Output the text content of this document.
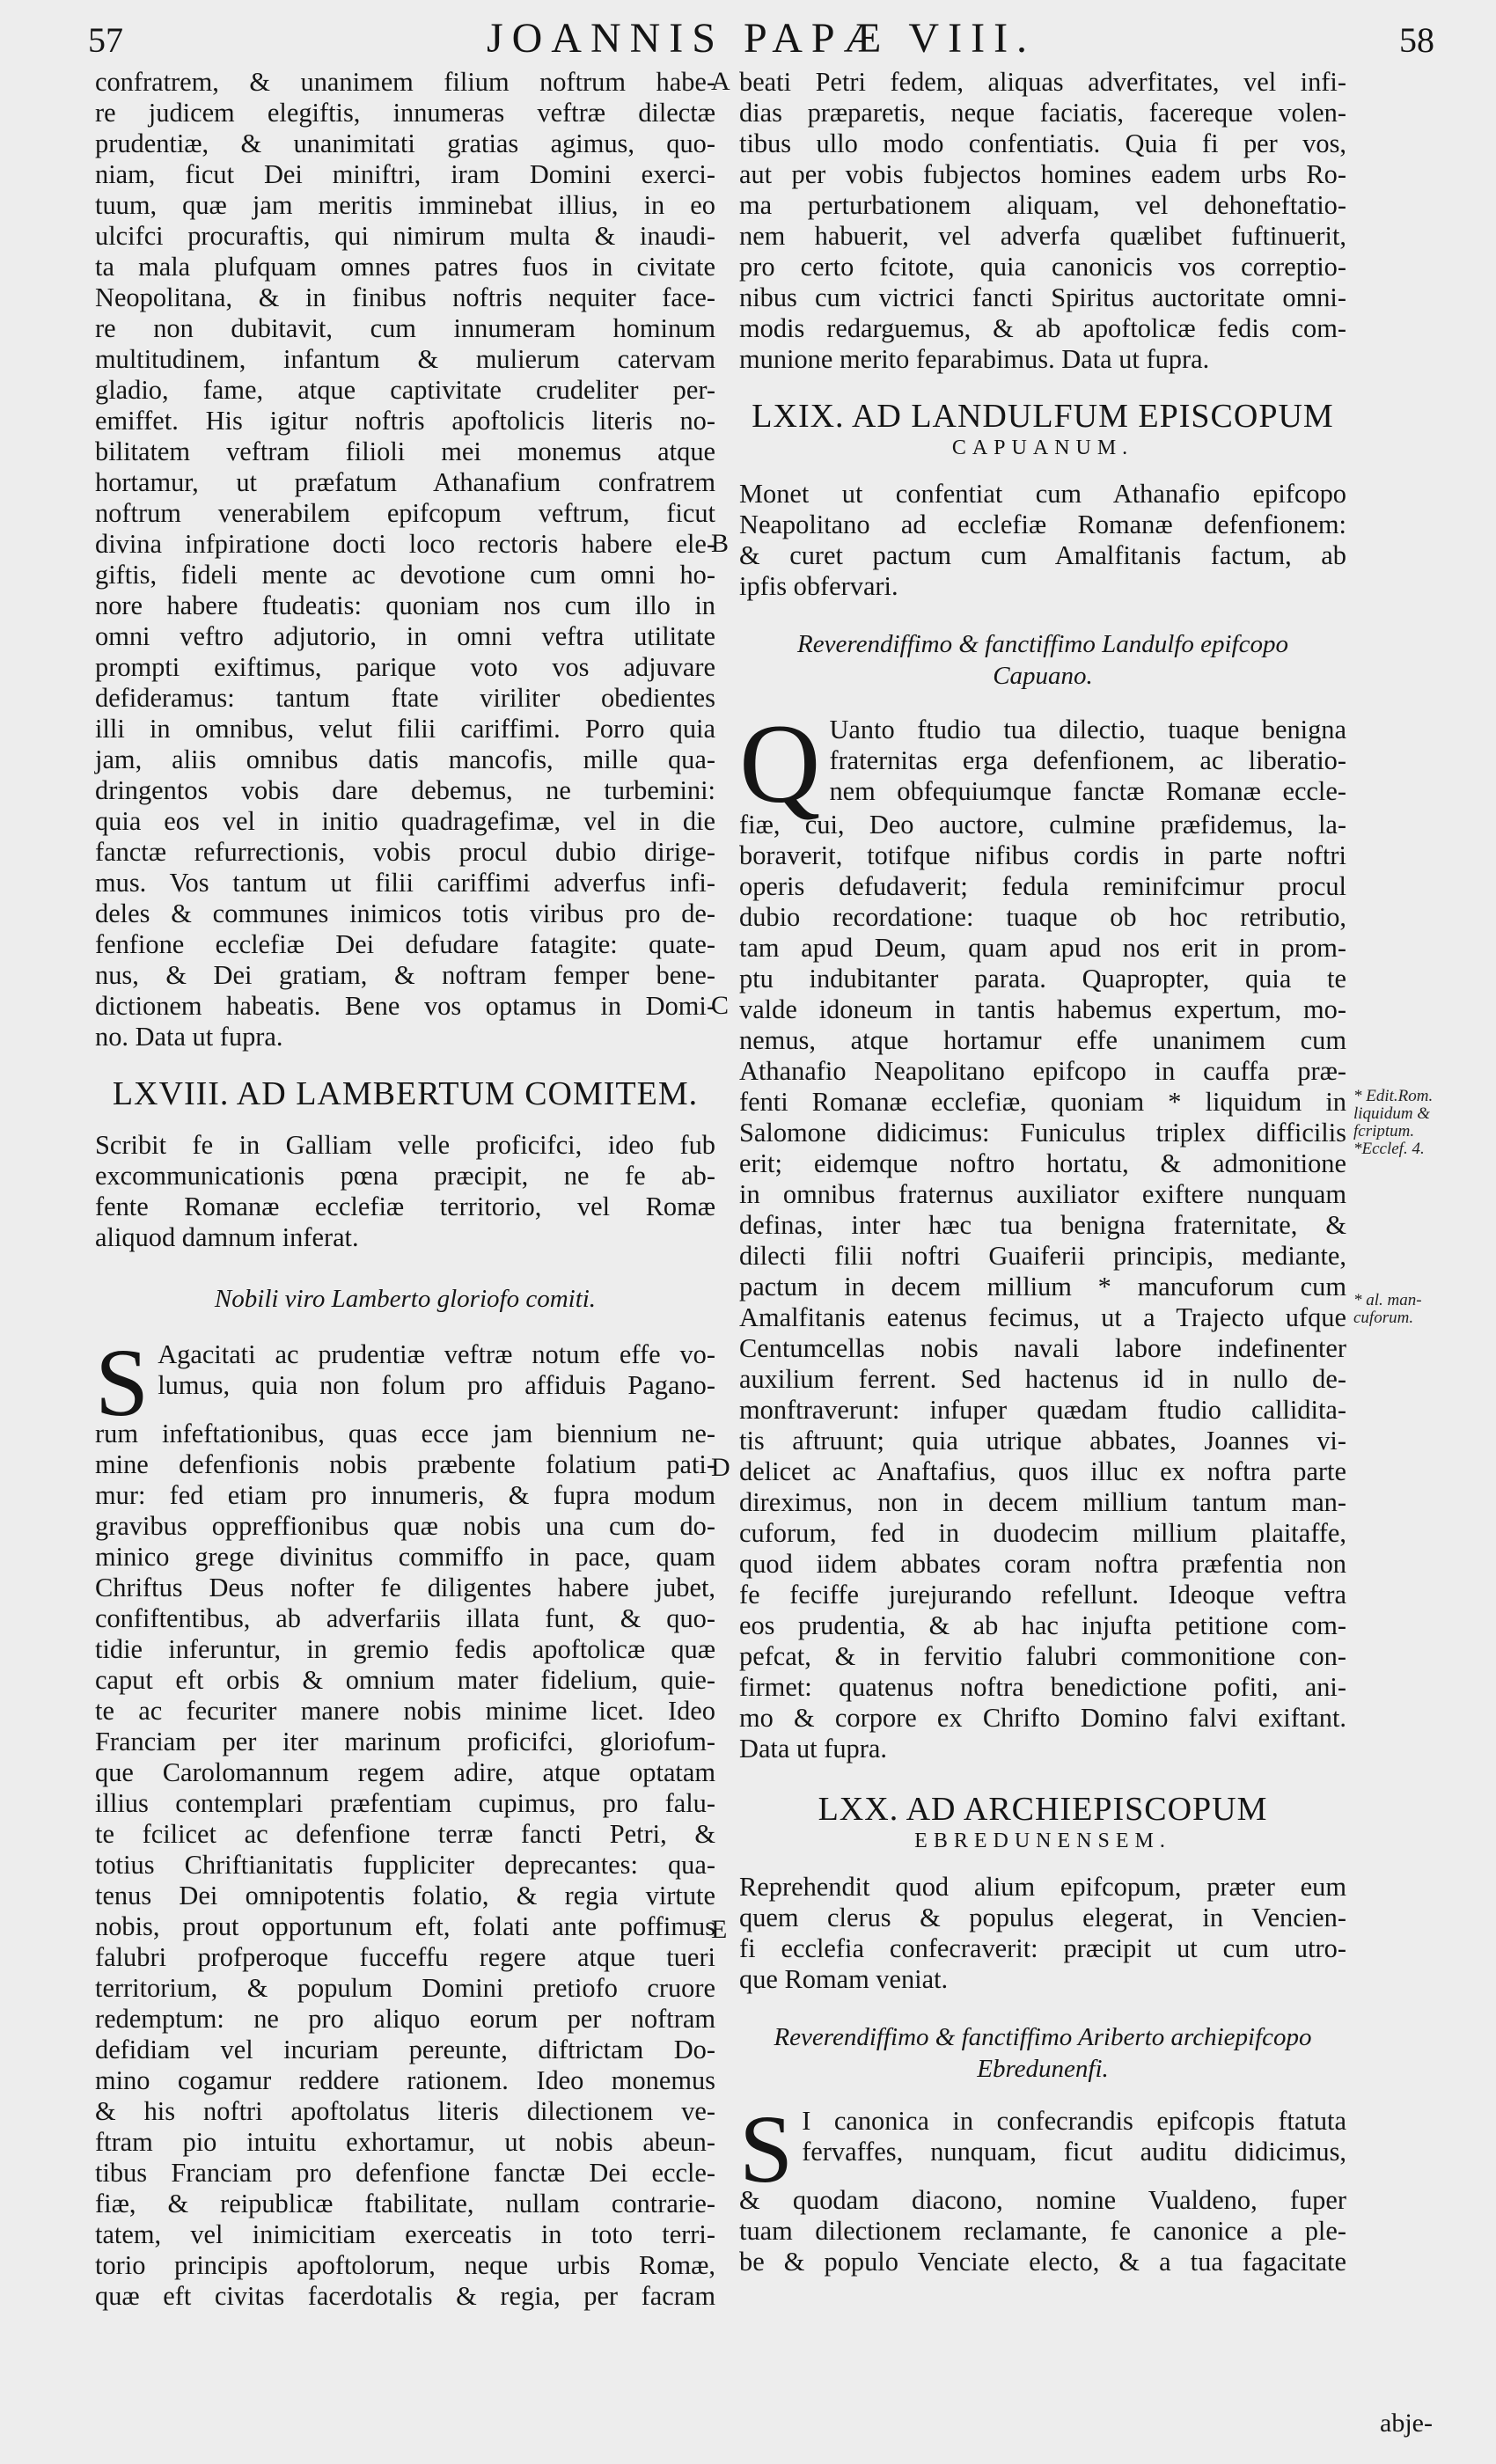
57	JOANNIS PAPÆ VIII.	58

confratrem, & unanimem filium noftrum habe-

re judicem elegiftis, innumeras veftræ dilectæ

prudentiæ, & unanimitati gratias agimus, quo-

niam, ficut Dei miniftri, iram Domini exerci-

tuum, quæ jam meritis imminebat illius, in eo

ulcifci procuraftis, qui nimirum multa & inaudi-

ta mala plufquam omnes patres fuos in civitate

Neopolitana, & in finibus noftris nequiter face-

re non dubitavit, cum innumeram hominum

multitudinem, infantum & mulierum catervam

gladio, fame, atque captivitate crudeliter per-

emiffet. His igitur noftris apoftolicis literis no-

bilitatem veftram filioli mei monemus atque

hortamur, ut præfatum Athanafium confratrem

noftrum venerabilem epifcopum veftrum, ficut

divina infpiratione docti loco rectoris habere ele-

giftis, fideli mente ac devotione cum omni ho-

nore habere ftudeatis: quoniam nos cum illo in

omni veftro adjutorio, in omni veftra utilitate

prompti exiftimus, parique voto vos adjuvare

defideramus: tantum ftate viriliter obedientes

illi in omnibus, velut filii cariffimi. Porro quia

jam, aliis omnibus datis mancofis, mille qua-

dringentos vobis dare debemus, ne turbemini:

quia eos vel in initio quadragefimæ, vel in die

fanctæ refurrectionis, vobis procul dubio dirige-

mus. Vos tantum ut filii cariffimi adverfus infi-

deles & communes inimicos totis viribus pro de-

fenfione ecclefiæ Dei defudare fatagite: quate-

nus, & Dei gratiam, & noftram femper bene-

dictionem habeatis. Bene vos optamus in Domi-

no. Data ut fupra.

LXVIII. AD LAMBERTUM COMITEM.

Scribit fe in Galliam velle proficifci, ideo fub

excommunicationis pœna præcipit, ne fe ab-

fente Romanæ ecclefiæ territorio, vel Romæ

aliquod damnum inferat.

Nobili viro Lamberto gloriofo comiti.
S Agacitati ac prudentiæ veftræ notum effe vo-

lumus, quia non folum pro affiduis Pagano-

rum infeftationibus, quas ecce jam biennium ne-

mine defenfionis nobis præbente folatium pati-

mur: fed etiam pro innumeris, & fupra modum

gravibus oppreffionibus quæ nobis una cum do-

minico grege divinitus commiffo in pace, quam

Chriftus Deus nofter fe diligentes habere jubet,

confiftentibus, ab adverfariis illata funt, & quo-

tidie inferuntur, in gremio fedis apoftolicæ quæ

caput eft orbis & omnium mater fidelium, quie-

te ac fecuriter manere nobis minime licet. Ideo

Franciam per iter marinum proficifci, gloriofum-

que Carolomannum regem adire, atque optatam

illius contemplari præfentiam cupimus, pro falu-

te fcilicet ac defenfione terræ fancti Petri, &

totius Chriftianitatis fuppliciter deprecantes: qua-

tenus Dei omnipotentis folatio, & regia virtute

nobis, prout opportunum eft, folati ante poffimus

falubri profperoque fucceffu regere atque tueri

territorium, & populum Domini pretiofo cruore

redemptum: ne pro aliquo eorum per noftram

defidiam vel incuriam pereunte, diftrictam Do-

mino cogamur reddere rationem. Ideo monemus

& his noftri apoftolatus literis dilectionem ve-

ftram pio intuitu exhortamur, ut nobis abeun-

tibus Franciam pro defenfione fanctæ Dei eccle-

fiæ, & reipublicæ ftabilitate, nullam contrarie-

tatem, vel inimicitiam exerceatis in toto terri-

torio principis apoftolorum, neque urbis Romæ,

quæ eft civitas facerdotalis & regia, per facram

beati Petri fedem, aliquas adverfitates, vel infi-

dias præparetis, neque faciatis, facereque volen-

tibus ullo modo confentiatis. Quia fi per vos,

aut per vobis fubjectos homines eadem urbs Ro-

ma perturbationem aliquam, vel dehoneftatio-

nem habuerit, vel adverfa quælibet fuftinuerit,

pro certo fcitote, quia canonicis vos correptio-

nibus cum victrici fancti Spiritus auctoritate omni-

modis redarguemus, & ab apoftolicæ fedis com-

munione merito feparabimus. Data ut fupra.

LXIX. AD LANDULFUM EPISCOPUM
CAPUANUM.

Monet ut confentiat cum Athanafio epifcopo

Neapolitano ad ecclefiæ Romanæ defenfionem:

& curet pactum cum Amalfitanis factum, ab

ipfis obfervari.

Reverendiffimo & fanctiffimo Landulfo epifcopo

Capuano.

Q Uanto ftudio tua dilectio, tuaque benigna

fraternitas erga defenfionem, ac liberatio-

nem obfequiumque fanctæ Romanæ eccle-

fiæ, cui, Deo auctore, culmine præfidemus, la-

boraverit, totifque nifibus cordis in parte noftri

operis defudaverit; fedula reminifcimur procul

dubio recordatione: tuaque ob hoc retributio,

tam apud Deum, quam apud nos erit in prom-

ptu indubitanter parata. Quapropter, quia te

valde idoneum in tantis habemus expertum, mo-

nemus, atque hortamur effe unanimem cum

Athanafio Neapolitano epifcopo in cauffa præ-

fenti Romanæ ecclefiæ, quoniam * liquidum in

Salomone didicimus: Funiculus triplex difficilis

erit; eidemque noftro hortatu, & admonitione

in omnibus fraternus auxiliator exiftere nunquam

definas, inter hæc tua benigna fraternitate, &

dilecti filii noftri Guaiferii principis, mediante,

pactum in decem millium * mancuforum cum

Amalfitanis eatenus fecimus, ut a Trajecto ufque

Centumcellas nobis navali labore indefinenter

auxilium ferrent. Sed hactenus id in nullo de-

monftraverunt: infuper quædam ftudio callidita-

tis aftruunt; quia utrique abbates, Joannes vi-

delicet ac Anaftafius, quos illuc ex noftra parte

direximus, non in decem millium tantum man-

cuforum, fed in duodecim millium plaitaffe,

quod iidem abbates coram noftra præfentia non

fe feciffe jurejurando refellunt. Ideoque veftra

eos prudentia, & ab hac injufta petitione com-

pefcat, & in fervitio falubri commonitione con-

firmet: quatenus noftra benedictione pofiti, ani-

mo & corpore ex Chrifto Domino falvi exiftant.

Data ut fupra.

LXX. AD ARCHIEPISCOPUM
EBREDUNENSEM.

Reprehendit quod alium epifcopum, præter eum

quem clerus & populus elegerat, in Vencien-

fi ecclefia confecraverit: præcipit ut cum utro-

que Romam veniat.

Reverendiffimo & fanctiffimo Ariberto archiepifcopo

Ebredunenfi.

S I canonica in confecrandis epifcopis ftatuta

fervaffes, nunquam, ficut auditu didicimus,

& quodam diacono, nomine Vualdeno, fuper

tuam dilectionem reclamante, fe canonice a ple-

be & populo Venciate electo, & a tua fagacitate

A
B
C
D
E
* Edit.Rom.
liquidum &
fcriptum.
*Ecclef. 4.
* al. man-
cuforum.
abje-
